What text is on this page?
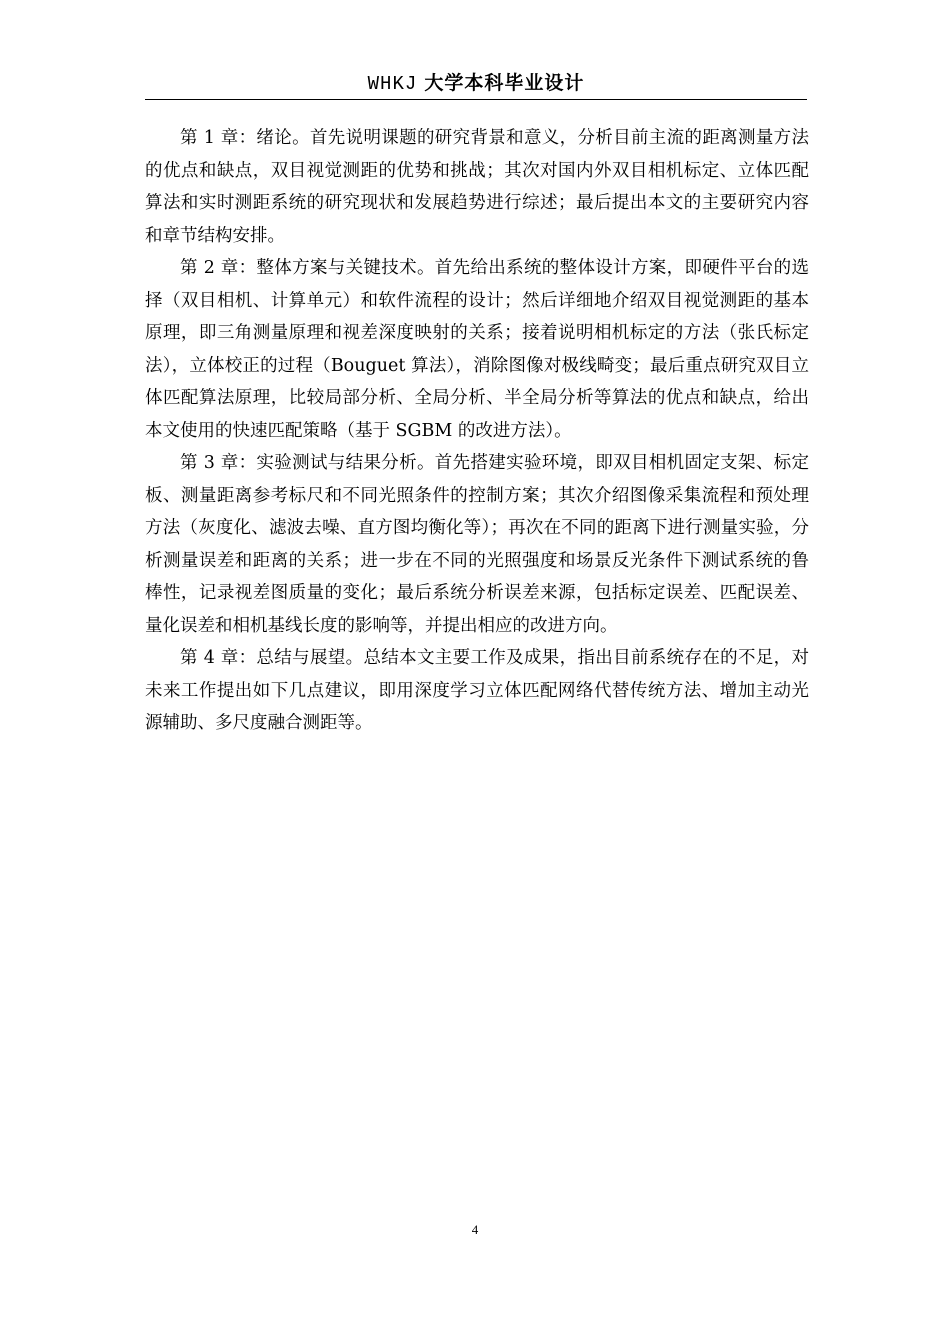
WHKJ 大学本科毕业设计

第 1 章：绪论。首先说明课题的研究背景和意义，分析目前主流的距离测量方法的优点和缺点，双目视觉测距的优势和挑战；其次对国内外双目相机标定、立体匹配算法和实时测距系统的研究现状和发展趋势进行综述；最后提出本文的主要研究内容和章节结构安排。

第 2 章：整体方案与关键技术。首先给出系统的整体设计方案，即硬件平台的选择（双目相机、计算单元）和软件流程的设计；然后详细地介绍双目视觉测距的基本原理，即三角测量原理和视差深度映射的关系；接着说明相机标定的方法（张氏标定法），立体校正的过程（Bouguet 算法），消除图像对极线畸变；最后重点研究双目立体匹配算法原理，比较局部分析、全局分析、半全局分析等算法的优点和缺点，给出本文使用的快速匹配策略（基于 SGBM 的改进方法）。

第 3 章：实验测试与结果分析。首先搭建实验环境，即双目相机固定支架、标定板、测量距离参考标尺和不同光照条件的控制方案；其次介绍图像采集流程和预处理方法（灰度化、滤波去噪、直方图均衡化等）；再次在不同的距离下进行测量实验，分析测量误差和距离的关系；进一步在不同的光照强度和场景反光条件下测试系统的鲁棒性，记录视差图质量的变化；最后系统分析误差来源，包括标定误差、匹配误差、量化误差和相机基线长度的影响等，并提出相应的改进方向。

第 4 章：总结与展望。总结本文主要工作及成果，指出目前系统存在的不足，对未来工作提出如下几点建议，即用深度学习立体匹配网络代替传统方法、增加主动光源辅助、多尺度融合测距等。

4
